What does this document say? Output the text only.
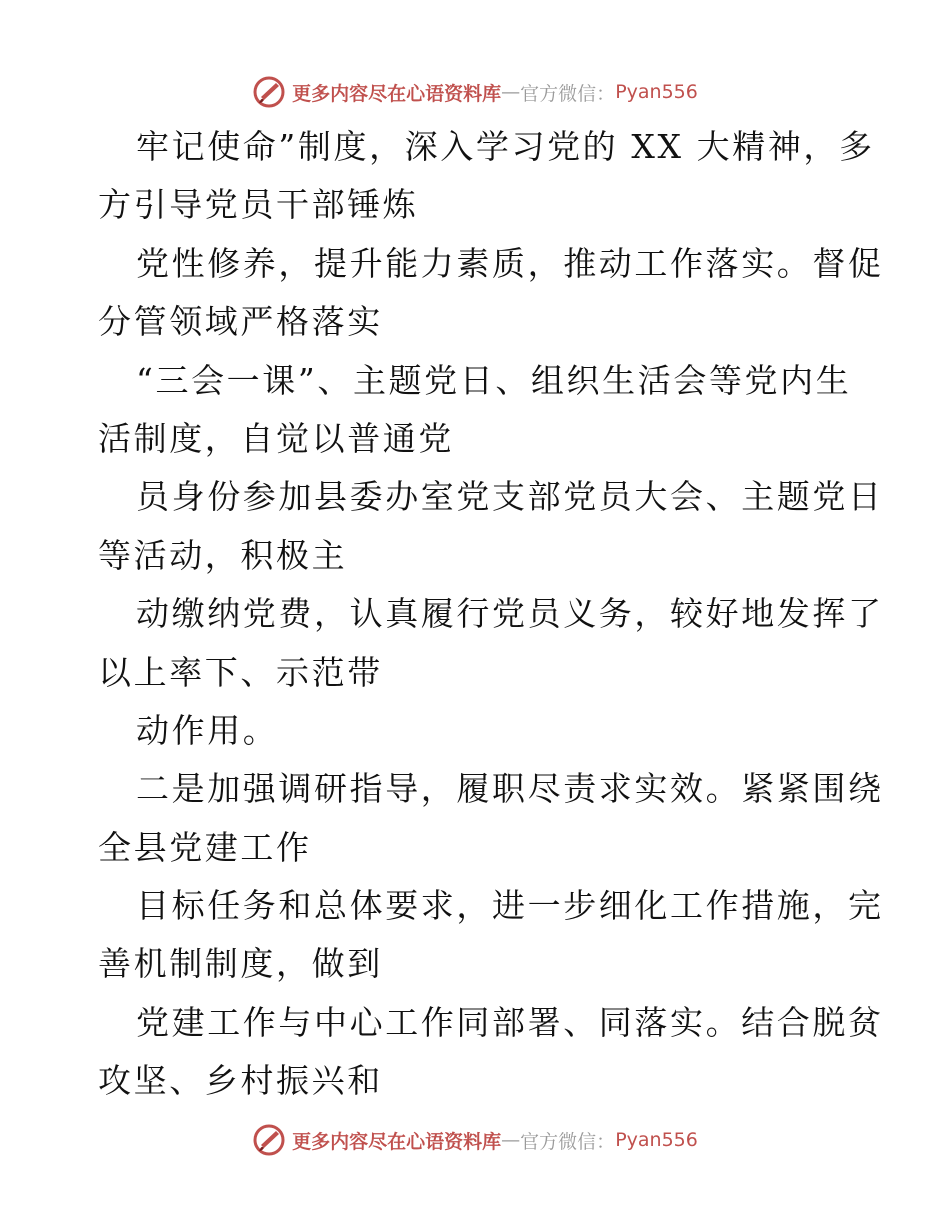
更多内容尽在心语资料库 — 官方微信： Pyan556
牢记使命”制度，深入学习党的 XX 大精神，多
方引导党员干部锤炼
党性修养，提升能力素质，推动工作落实。督促
分管领域严格落实
“三会一课”、主题党日、组织生活会等党内生
活制度，自觉以普通党
员身份参加县委办室党支部党员大会、主题党日
等活动，积极主
动缴纳党费，认真履行党员义务，较好地发挥了
以上率下、示范带
动作用。
二是加强调研指导，履职尽责求实效。紧紧围绕
全县党建工作
目标任务和总体要求，进一步细化工作措施，完
善机制制度，做到
党建工作与中心工作同部署、同落实。结合脱贫
攻坚、乡村振兴和
更多内容尽在心语资料库 — 官方微信： Pyan556
